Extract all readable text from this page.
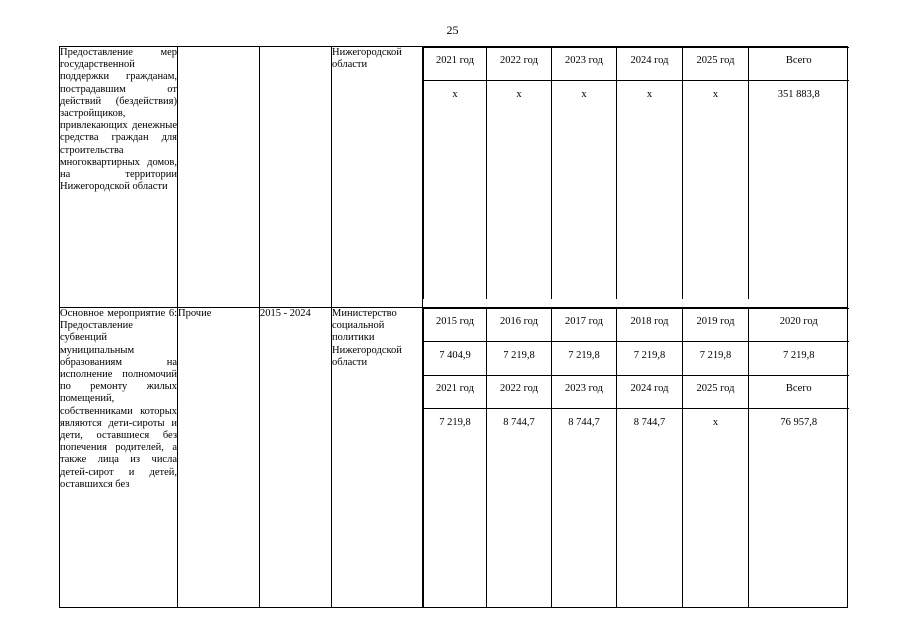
25
Предоставление мер государственной поддержки гражданам, пострадавшим от действий (бездействия) застройщиков, привлекающих денежные средства граждан для строительства многоквартирных домов, на территории Нижегородской области			Нижегородской области		2021 год	2022 год	2023 год	2024 год	2025 год	Всего
x	x	x	x	x	351 883,8

Основное мероприятие 6: Предоставление субвенций муниципальным образованиям на исполнение полномочий по ремонту жилых помещений, собственниками которых являются дети-сироты и дети, оставшиеся без попечения родителей, а также лица из числа детей-сирот и детей, оставшихся без	Прочие	2015 - 2024	Министерство социальной политики Нижегородской области	
2015 год	2016 год	2017 год	2018 год	2019 год	2020 год
7 404,9	7 219,8	7 219,8	7 219,8	7 219,8	7 219,8
2021 год	2022 год	2023 год	2024 год	2025 год	Всего
7 219,8	8 744,7	8 744,7	8 744,7	x	76 957,8
